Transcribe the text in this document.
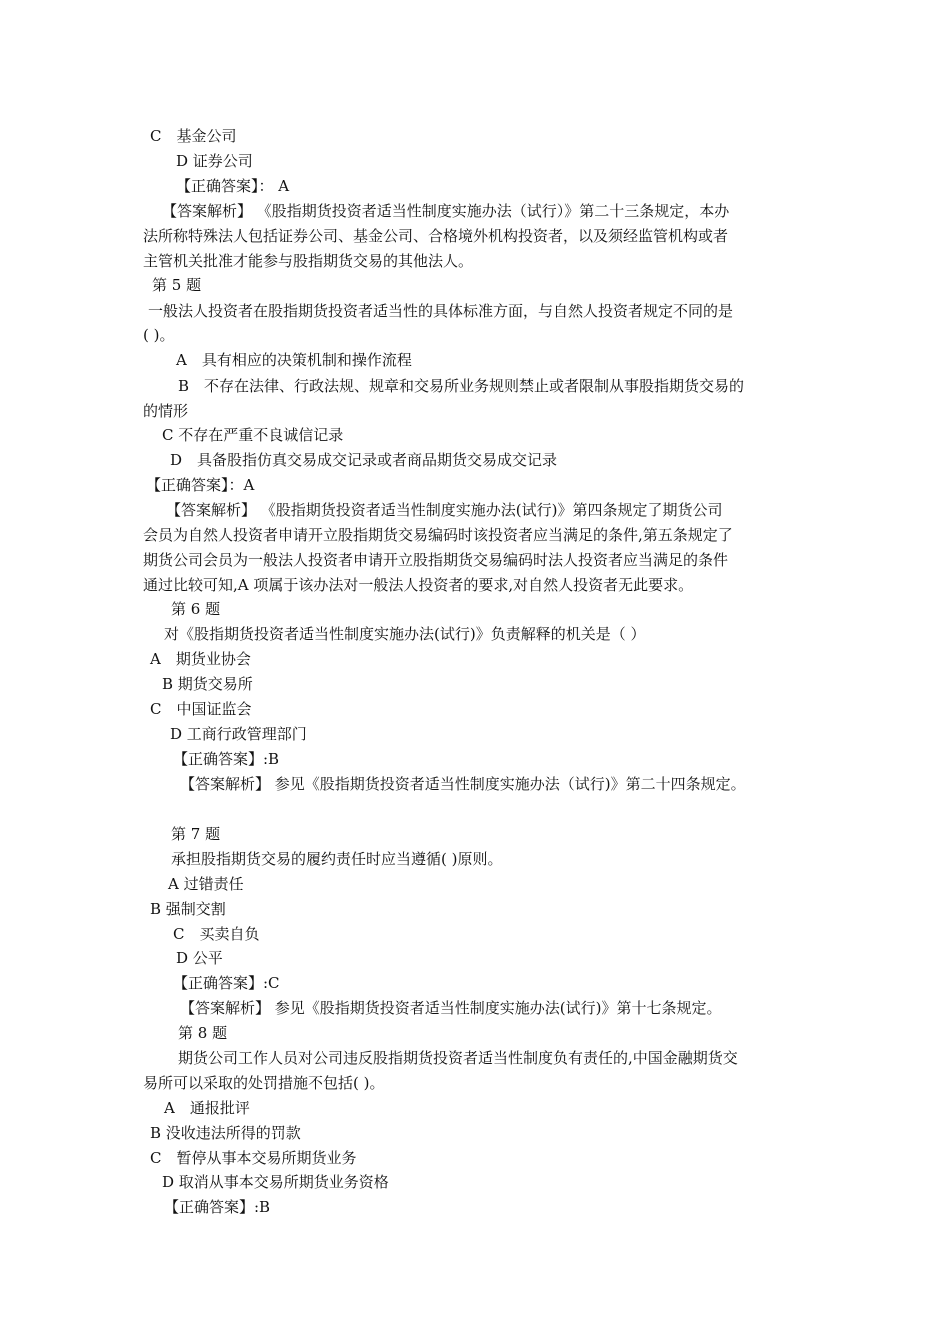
C　基金公司
D 证券公司
【正确答案】： A
【答案解析】 《股指期货投资者适当性制度实施办法（试行）》第二十三条规定，本办
法所称特殊法人包括证券公司、基金公司、合格境外机构投资者，以及须经监管机构或者
主管机关批准才能参与股指期货交易的其他法人。
第 5 题
一般法人投资者在股指期货投资者适当性的具体标准方面，与自然人投资者规定不同的是
( )。
A　具有相应的决策机制和操作流程
B　不存在法律、行政法规、规章和交易所业务规则禁止或者限制从事股指期货交易的
的情形
C 不存在严重不良诚信记录
D　具备股指仿真交易成交记录或者商品期货交易成交记录
【正确答案】：A
【答案解析】 《股指期货投资者适当性制度实施办法(试行)》第四条规定了期货公司
会员为自然人投资者申请开立股指期货交易编码时该投资者应当满足的条件,第五条规定了
期货公司会员为一般法人投资者申请开立股指期货交易编码时法人投资者应当满足的条件
通过比较可知,A 项属于该办法对一般法人投资者的要求,对自然人投资者无此要求。
第 6 题
对《股指期货投资者适当性制度实施办法(试行)》负责解释的机关是（ ）
A　期货业协会
B 期货交易所
C　中国证监会
D 工商行政管理部门
【正确答案】:B
【答案解析】 参见《股指期货投资者适当性制度实施办法（试行)》第二十四条规定。
第 7 题
承担股指期货交易的履约责任时应当遵循( )原则。
A 过错责任
B 强制交割
C　买卖自负
D 公平
【正确答案】:C
【答案解析】 参见《股指期货投资者适当性制度实施办法(试行)》第十七条规定。
第 8 题
期货公司工作人员对公司违反股指期货投资者适当性制度负有责任的,中国金融期货交
易所可以采取的处罚措施不包括( )。
A　通报批评
B 没收违法所得的罚款
C　暂停从事本交易所期货业务
D 取消从事本交易所期货业务资格
【正确答案】:B
